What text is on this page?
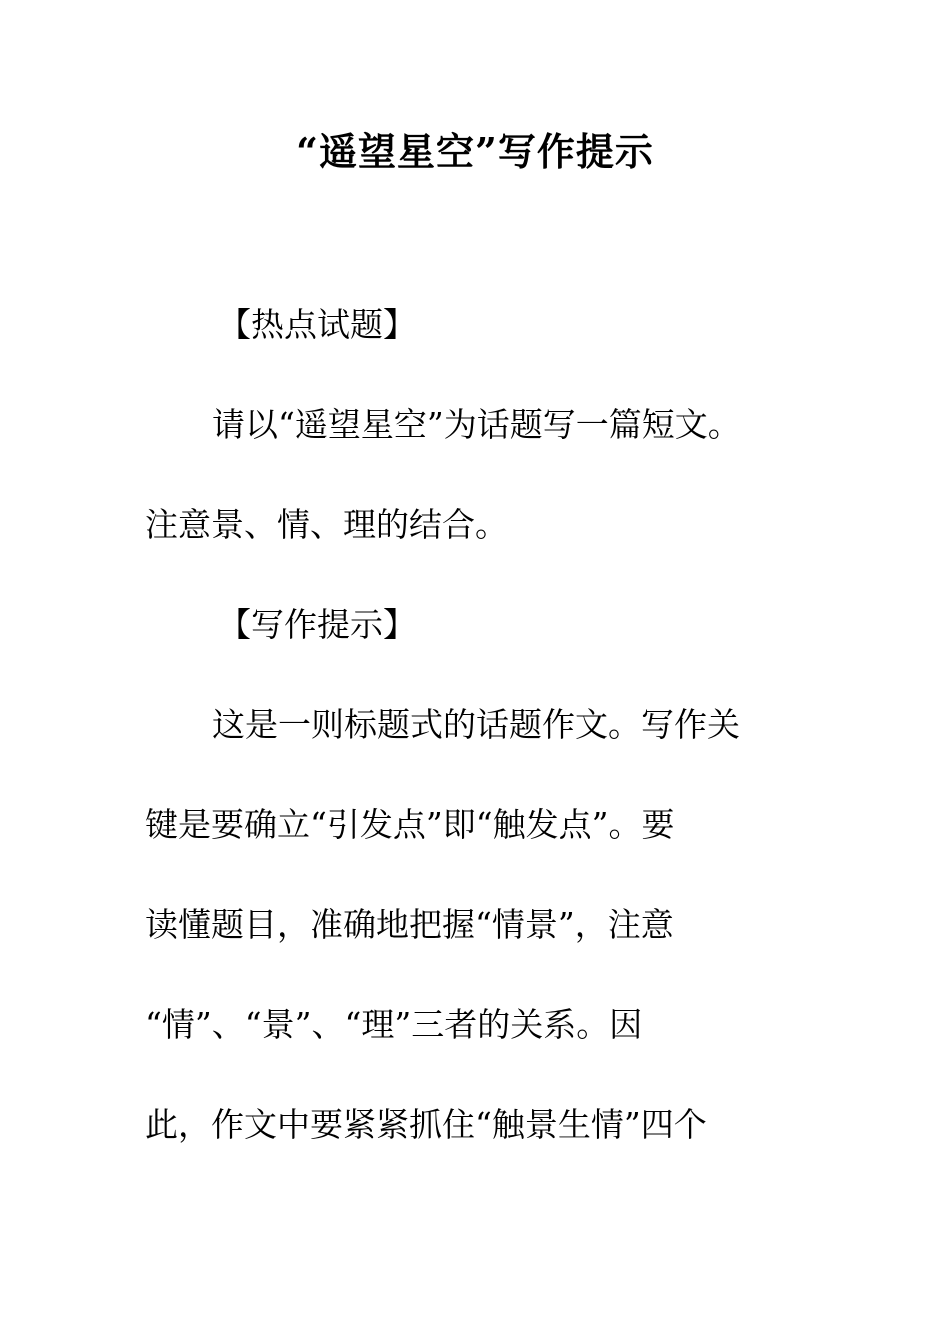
“遥望星空”写作提示
【热点试题】
请以“遥望星空”为话题写一篇短文。
注意景、情、理的结合。
【写作提示】
这是一则标题式的话题作文。写作关
键是要确立“引发点”即“触发点”。要
读懂题目，准确地把握“情景”，注意
“情”、“景”、“理”三者的关系。因
此，作文中要紧紧抓住“触景生情”四个
